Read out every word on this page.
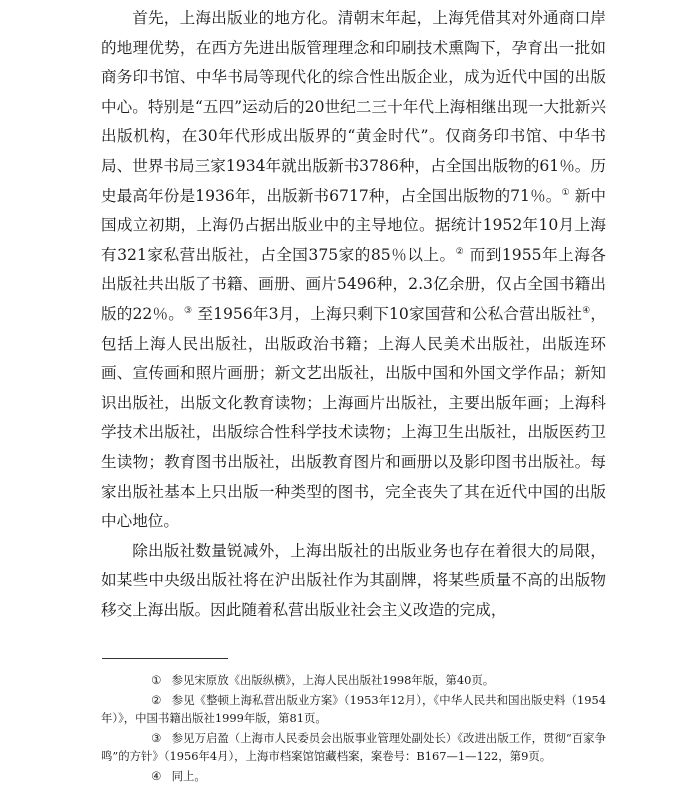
首先，上海出版业的地方化。清朝末年起，上海凭借其对外通商口岸的地理优势，在西方先进出版管理理念和印刷技术熏陶下，孕育出一批如商务印书馆、中华书局等现代化的综合性出版企业，成为近代中国的出版中心。特别是“五四”运动后的20世纪二三十年代上海相继出现一大批新兴出版机构，在30年代形成出版界的“黄金时代”。仅商务印书馆、中华书局、世界书局三家1934年就出版新书3786种，占全国出版物的61％。历史最高年份是1936年，出版新书6717种，占全国出版物的71％。① 新中国成立初期，上海仍占据出版业中的主导地位。据统计1952年10月上海有321家私营出版社，占全国375家的85％以上。② 而到1955年上海各出版社共出版了书籍、画册、画片5496种，2.3亿余册，仅占全国书籍出版的22％。③ 至1956年3月，上海只剩下10家国营和公私合营出版社④，包括上海人民出版社，出版政治书籍；上海人民美术出版社，出版连环画、宣传画和照片画册；新文艺出版社，出版中国和外国文学作品；新知识出版社，出版文化教育读物；上海画片出版社，主要出版年画；上海科学技术出版社，出版综合性科学技术读物；上海卫生出版社，出版医药卫生读物；教育图书出版社，出版教育图片和画册以及影印图书出版社。每家出版社基本上只出版一种类型的图书，完全丧失了其在近代中国的出版中心地位。

除出版社数量锐减外，上海出版社的出版业务也存在着很大的局限，如某些中央级出版社将在沪出版社作为其副牌，将某些质量不高的出版物移交上海出版。因此随着私营出版业社会主义改造的完成，

① 参见宋原放《出版纵横》，上海人民出版社1998年版，第40页。

② 参见《整顿上海私营出版业方案》（1953年12月），《中华人民共和国出版史料（1954年）》，中国书籍出版社1999年版，第81页。

③ 参见万启盈（上海市人民委员会出版事业管理处副处长）《改进出版工作，贯彻“百家争鸣”的方针》（1956年4月），上海市档案馆馆藏档案，案卷号：B167—1—122，第9页。

④ 同上。
